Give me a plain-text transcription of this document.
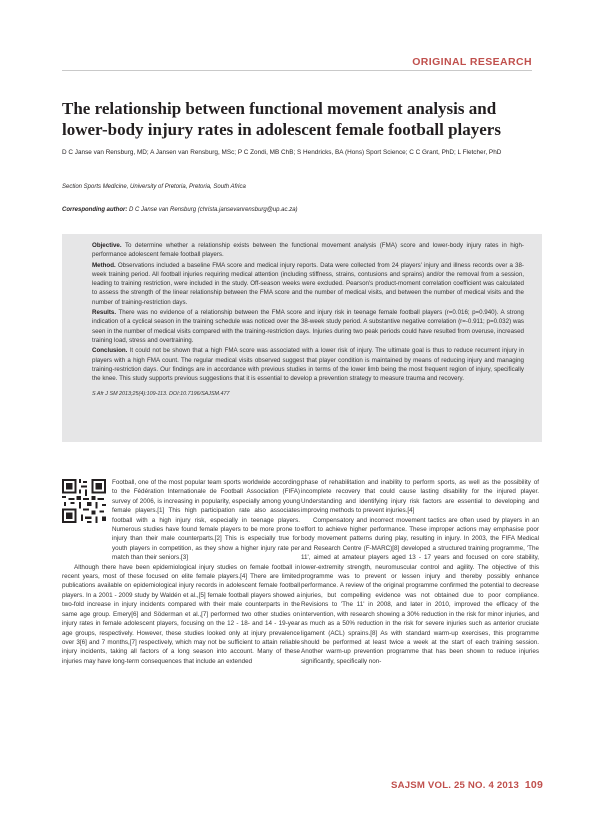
ORIGINAL RESEARCH
The relationship between functional movement analysis and lower-body injury rates in adolescent female football players

D C Janse van Rensburg, MD; A Jansen van Rensburg, MSc; P C Zondi, MB ChB; S Hendricks, BA (Hons) Sport Science; C C Grant, PhD; L Fletcher, PhD

Section Sports Medicine, University of Pretoria, Pretoria, South Africa

Corresponding author: D C Janse van Rensburg (christa.jansevanrensburg@up.ac.za)

Objective. To determine whether a relationship exists between the functional movement analysis (FMA) score and lower-body injury rates in high-performance adolescent female football players.

Method. Observations included a baseline FMA score and medical injury reports. Data were collected from 24 players' injury and illness records over a 38-week training period. All football injuries requiring medical attention (including stiffness, strains, contusions and sprains) and/or the removal from a session, leading to training restriction, were included in the study. Off-season weeks were excluded. Pearson's product-moment correlation coefficient was calculated to assess the strength of the linear relationship between the FMA score and the number of medical visits, and between the number of medical visits and the number of training-restriction days.

Results. There was no evidence of a relationship between the FMA score and injury risk in teenage female football players (r=0.016; p=0.940). A strong indication of a cyclical season in the training schedule was noticed over the 38-week study period. A substantive negative correlation (r=-0.911; p=0.032) was seen in the number of medical visits compared with the training-restriction days. Injuries during two peak periods could have resulted from overuse, increased training load, stress and overtraining.

Conclusion. It could not be shown that a high FMA score was associated with a lower risk of injury. The ultimate goal is thus to reduce recurrent injury in players with a high FMA count. The regular medical visits observed suggest that player condition is maintained by means of reducing injury and managing training-restriction days. Our findings are in accordance with previous studies in terms of the lower limb being the most frequent region of injury, specifically the knee. This study supports previous suggestions that it is essential to develop a prevention strategy to measure trauma and recovery.

S Afr J SM 2013;25(4):109-113. DOI:10.7196/SAJSM.477

Football, one of the most popular team sports worldwide according to the Fédération Internationale de Football Association (FIFA) survey of 2006, is increasing in popularity, especially among young female players.[1] This high participation rate also associates football with a high injury risk, especially in teenage players. Numerous studies have found female players to be more prone to injury than their male counterparts.[2] This is especially true for youth players in competition, as they show a higher injury rate per match than their seniors.[3]

Although there have been epidemiological injury studies on female football in recent years, most of these focused on elite female players.[4] There are limited publications available on epidemiological injury records in adolescent female football players. In a 2001 - 2009 study by Waldén et al.,[5] female football players showed a two-fold increase in injury incidents compared with their male counterparts in the same age group. Emery[6] and Söderman et al.,[7] performed two other studies on injury rates in female adolescent players, focusing on the 12 - 18- and 14 - 19-year age groups, respectively. However, these studies looked only at injury prevalence over 3[6] and 7 months,[7] respectively, which may not be sufficient to attain reliable injury incidents, taking all factors of a long season into account. Many of these injuries may have long-term consequences that include an extended

phase of rehabilitation and inability to perform sports, as well as the possibility of incomplete recovery that could cause lasting disability for the injured player. Understanding and identifying injury risk factors are essential to developing and improving methods to prevent injuries.[4]

Compensatory and incorrect movement tactics are often used by players in an effort to achieve higher performance. These improper actions may emphasise poor body movement patterns during play, resulting in injury. In 2003, the FIFA Medical and Research Centre (F-MARC)[8] developed a structured training programme, 'The 11', aimed at amateur players aged 13 - 17 years and focused on core stability, lower-extremity strength, neuromuscular control and agility. The objective of this programme was to prevent or lessen injury and thereby possibly enhance performance. A review of the original programme confirmed the potential to decrease injuries, but compelling evidence was not obtained due to poor compliance. Revisions to 'The 11' in 2008, and later in 2010, improved the efficacy of the intervention, with research showing a 30% reduction in the risk for minor injuries, and as much as a 50% reduction in the risk for severe injuries such as anterior cruciate ligament (ACL) sprains.[8] As with standard warm-up exercises, this programme should be performed at least twice a week at the start of each training session. Another warm-up prevention programme that has been shown to reduce injuries significantly, specifically non-

SAJSM VOL. 25 NO. 4 2013 109
